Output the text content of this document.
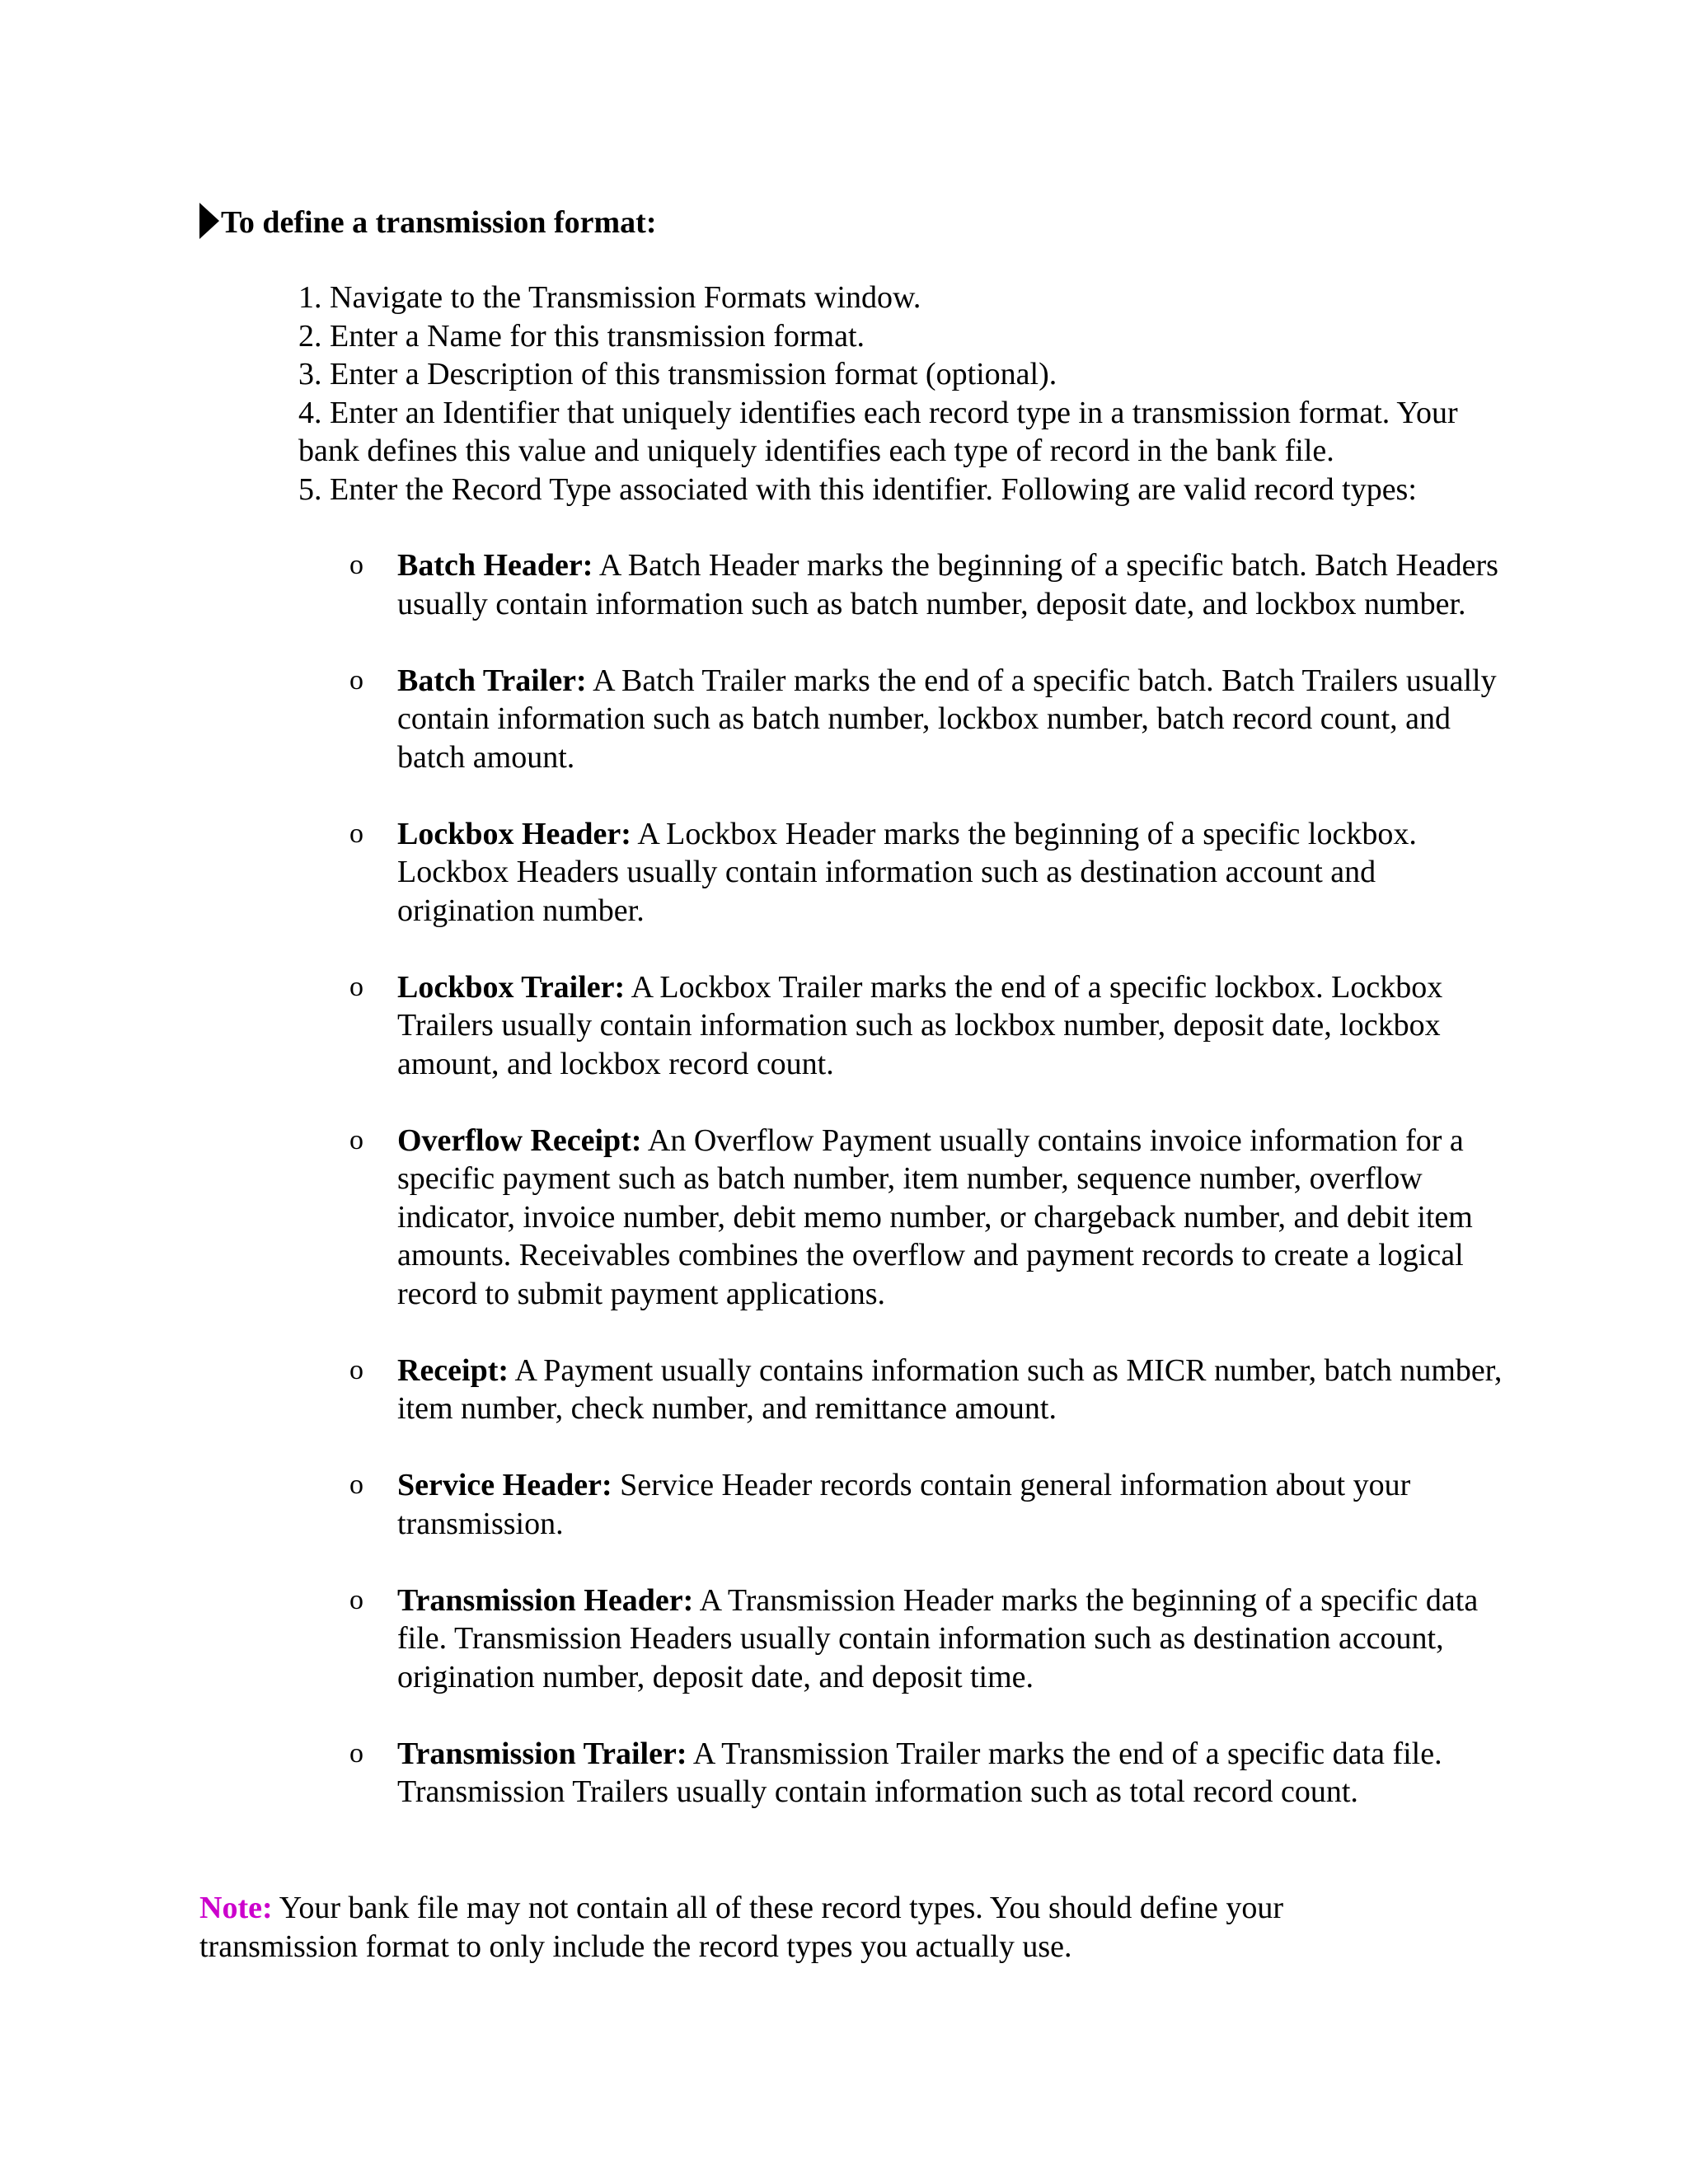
To define a transmission format:
1. Navigate to the Transmission Formats window.
2. Enter a Name for this transmission format.
3. Enter a Description of this transmission format (optional).
4. Enter an Identifier that uniquely identifies each record type in a transmission format. Your bank defines this value and uniquely identifies each type of record in the bank file.
5. Enter the Record Type associated with this identifier. Following are valid record types:
o Batch Header: A Batch Header marks the beginning of a specific batch. Batch Headers usually contain information such as batch number, deposit date, and lockbox number.
o Batch Trailer: A Batch Trailer marks the end of a specific batch. Batch Trailers usually contain information such as batch number, lockbox number, batch record count, and batch amount.
o Lockbox Header: A Lockbox Header marks the beginning of a specific lockbox. Lockbox Headers usually contain information such as destination account and origination number.
o Lockbox Trailer: A Lockbox Trailer marks the end of a specific lockbox. Lockbox Trailers usually contain information such as lockbox number, deposit date, lockbox amount, and lockbox record count.
o Overflow Receipt: An Overflow Payment usually contains invoice information for a specific payment such as batch number, item number, sequence number, overflow indicator, invoice number, debit memo number, or chargeback number, and debit item amounts. Receivables combines the overflow and payment records to create a logical record to submit payment applications.
o Receipt: A Payment usually contains information such as MICR number, batch number, item number, check number, and remittance amount.
o Service Header: Service Header records contain general information about your transmission.
o Transmission Header: A Transmission Header marks the beginning of a specific data file. Transmission Headers usually contain information such as destination account, origination number, deposit date, and deposit time.
o Transmission Trailer: A Transmission Trailer marks the end of a specific data file. Transmission Trailers usually contain information such as total record count.
Note: Your bank file may not contain all of these record types. You should define your transmission format to only include the record types you actually use.
